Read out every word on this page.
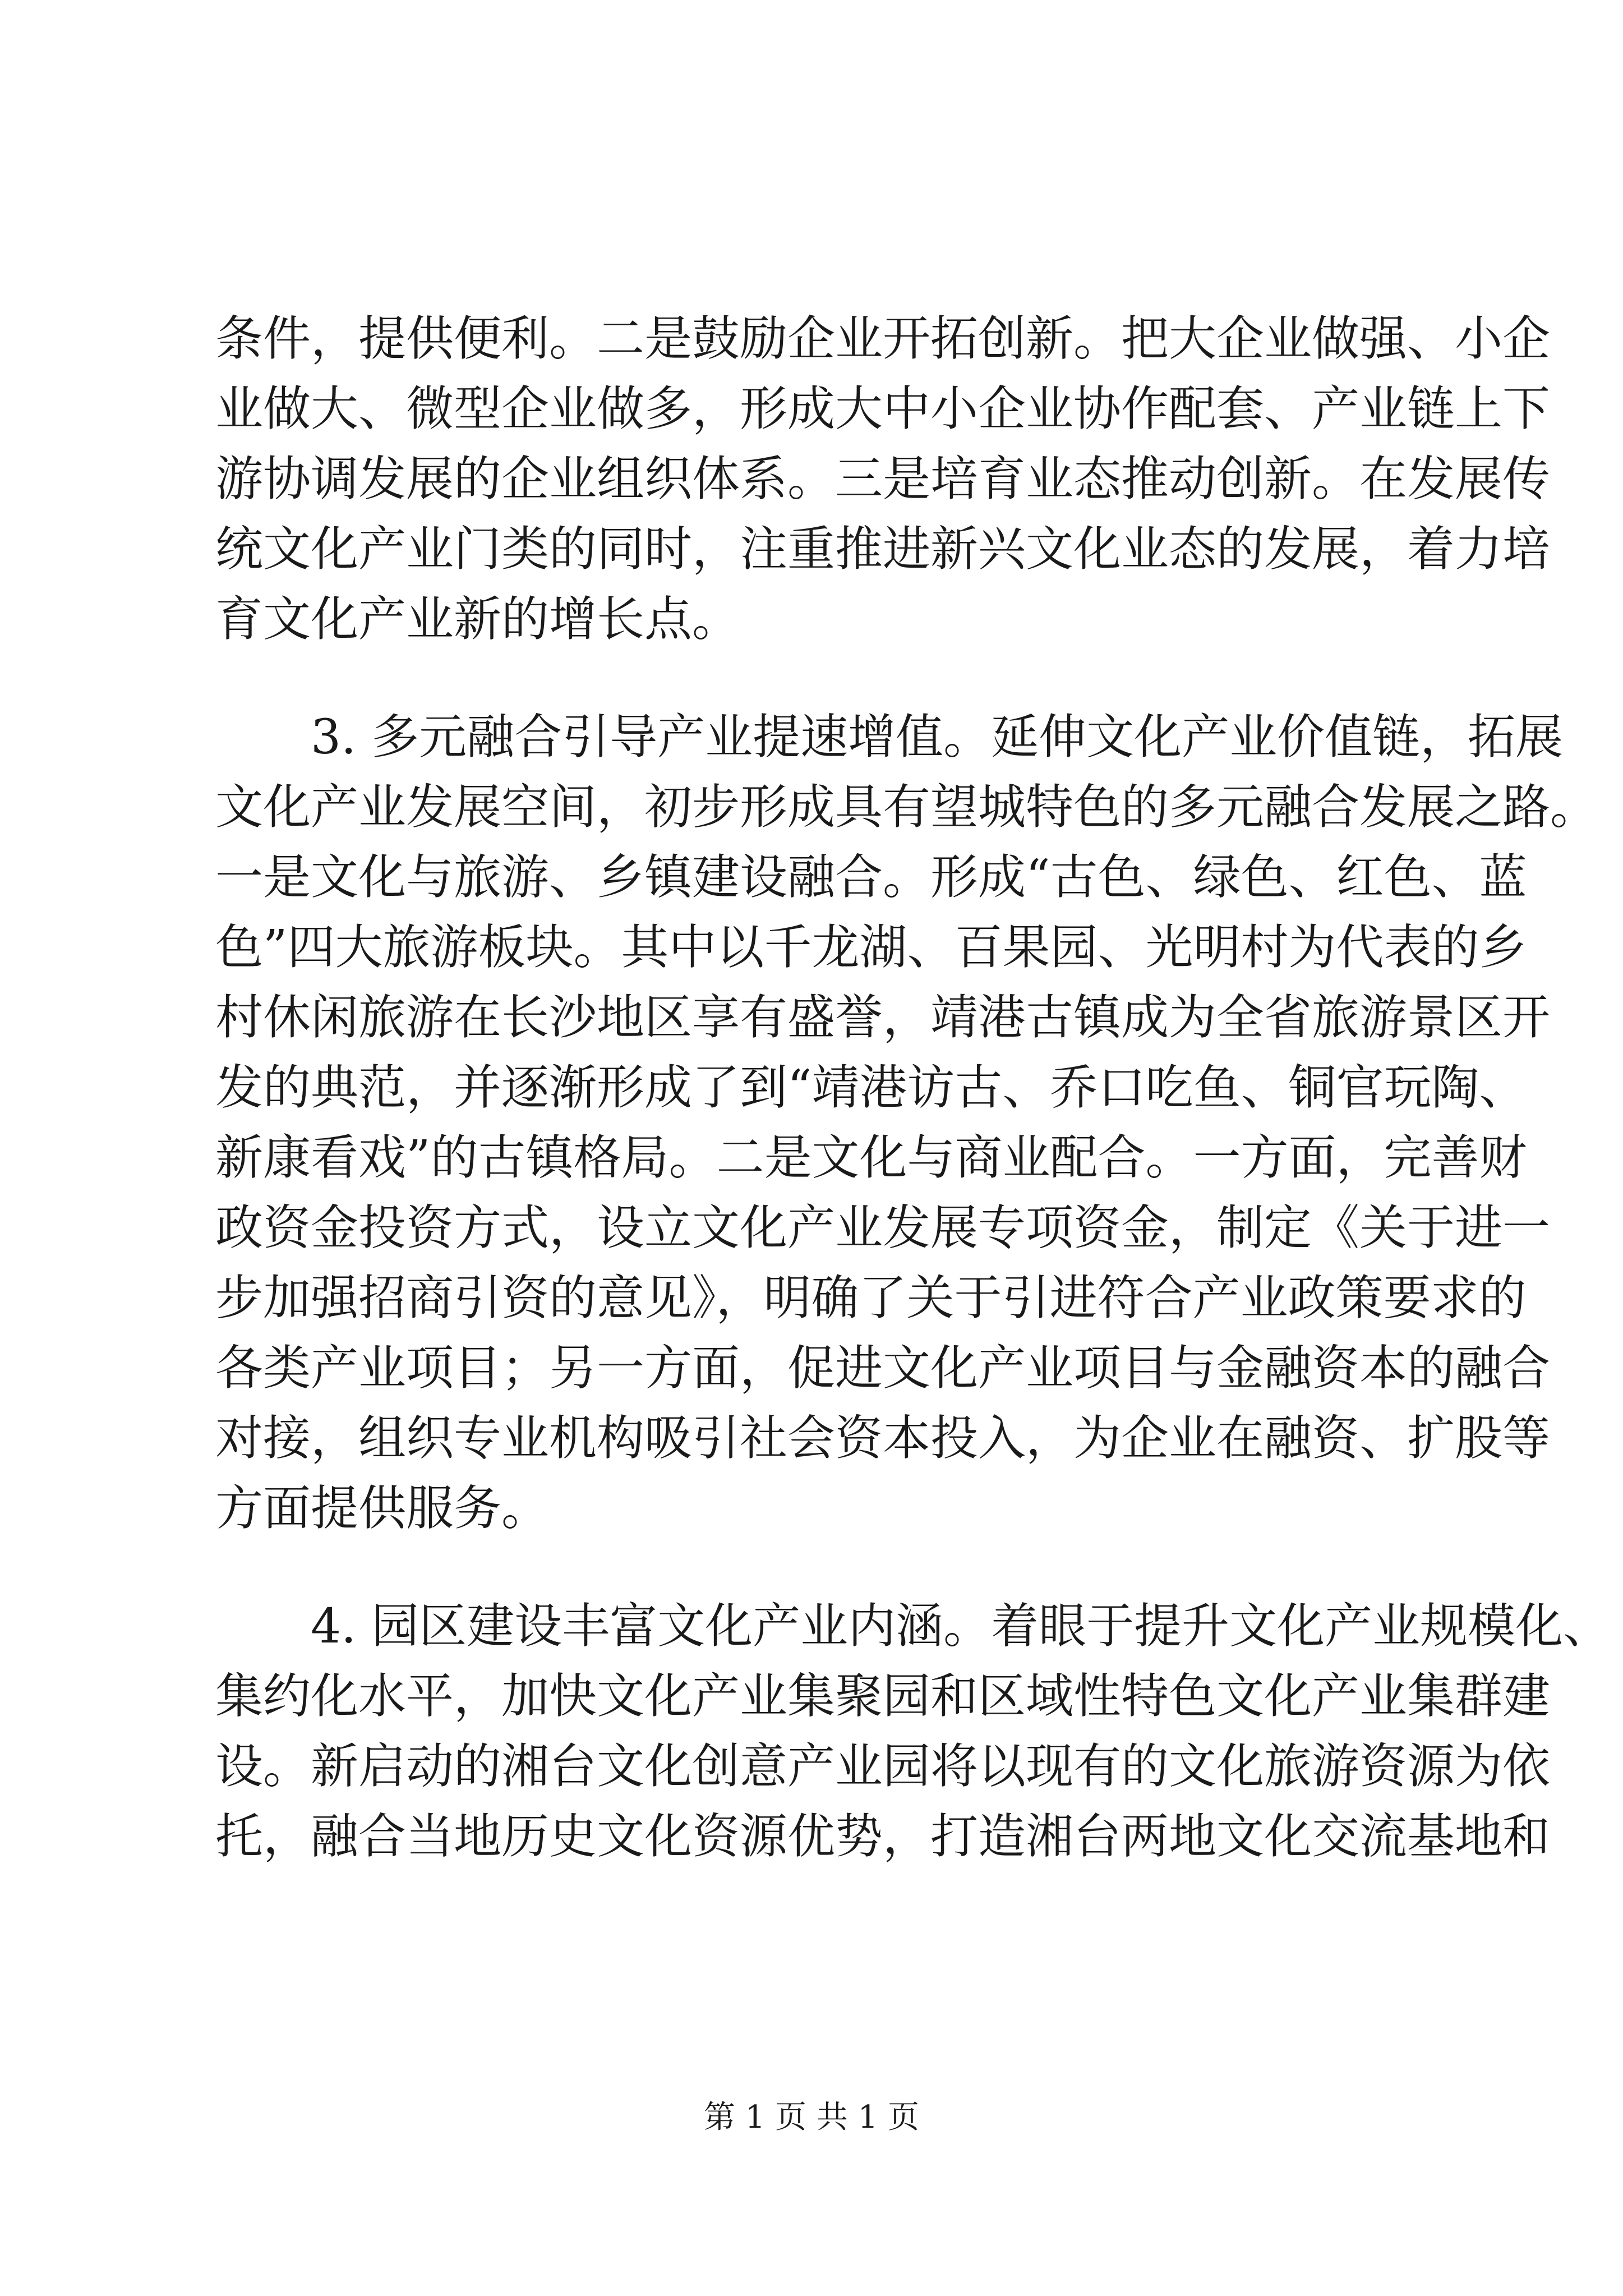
条件，提供便利。二是鼓励企业开拓创新。把大企业做强、小企

业做大、微型企业做多，形成大中小企业协作配套、产业链上下

游协调发展的企业组织体系。三是培育业态推动创新。在发展传

统文化产业门类的同时，注重推进新兴文化业态的发展，着力培

育文化产业新的增长点。

3. 多元融合引导产业提速增值。延伸文化产业价值链，拓展

文化产业发展空间，初步形成具有望城特色的多元融合发展之路。

一是文化与旅游、乡镇建设融合。形成“古色、绿色、红色、蓝

色”四大旅游板块。其中以千龙湖、百果园、光明村为代表的乡

村休闲旅游在长沙地区享有盛誉，靖港古镇成为全省旅游景区开

发的典范，并逐渐形成了到“靖港访古、乔口吃鱼、铜官玩陶、

新康看戏”的古镇格局。二是文化与商业配合。一方面，完善财

政资金投资方式，设立文化产业发展专项资金，制定《关于进一

步加强招商引资的意见》，明确了关于引进符合产业政策要求的

各类产业项目；另一方面，促进文化产业项目与金融资本的融合

对接，组织专业机构吸引社会资本投入，为企业在融资、扩股等

方面提供服务。

4. 园区建设丰富文化产业内涵。着眼于提升文化产业规模化、

集约化水平，加快文化产业集聚园和区域性特色文化产业集群建

设。新启动的湘台文化创意产业园将以现有的文化旅游资源为依

托，融合当地历史文化资源优势，打造湘台两地文化交流基地和

第 1 页 共 1 页
